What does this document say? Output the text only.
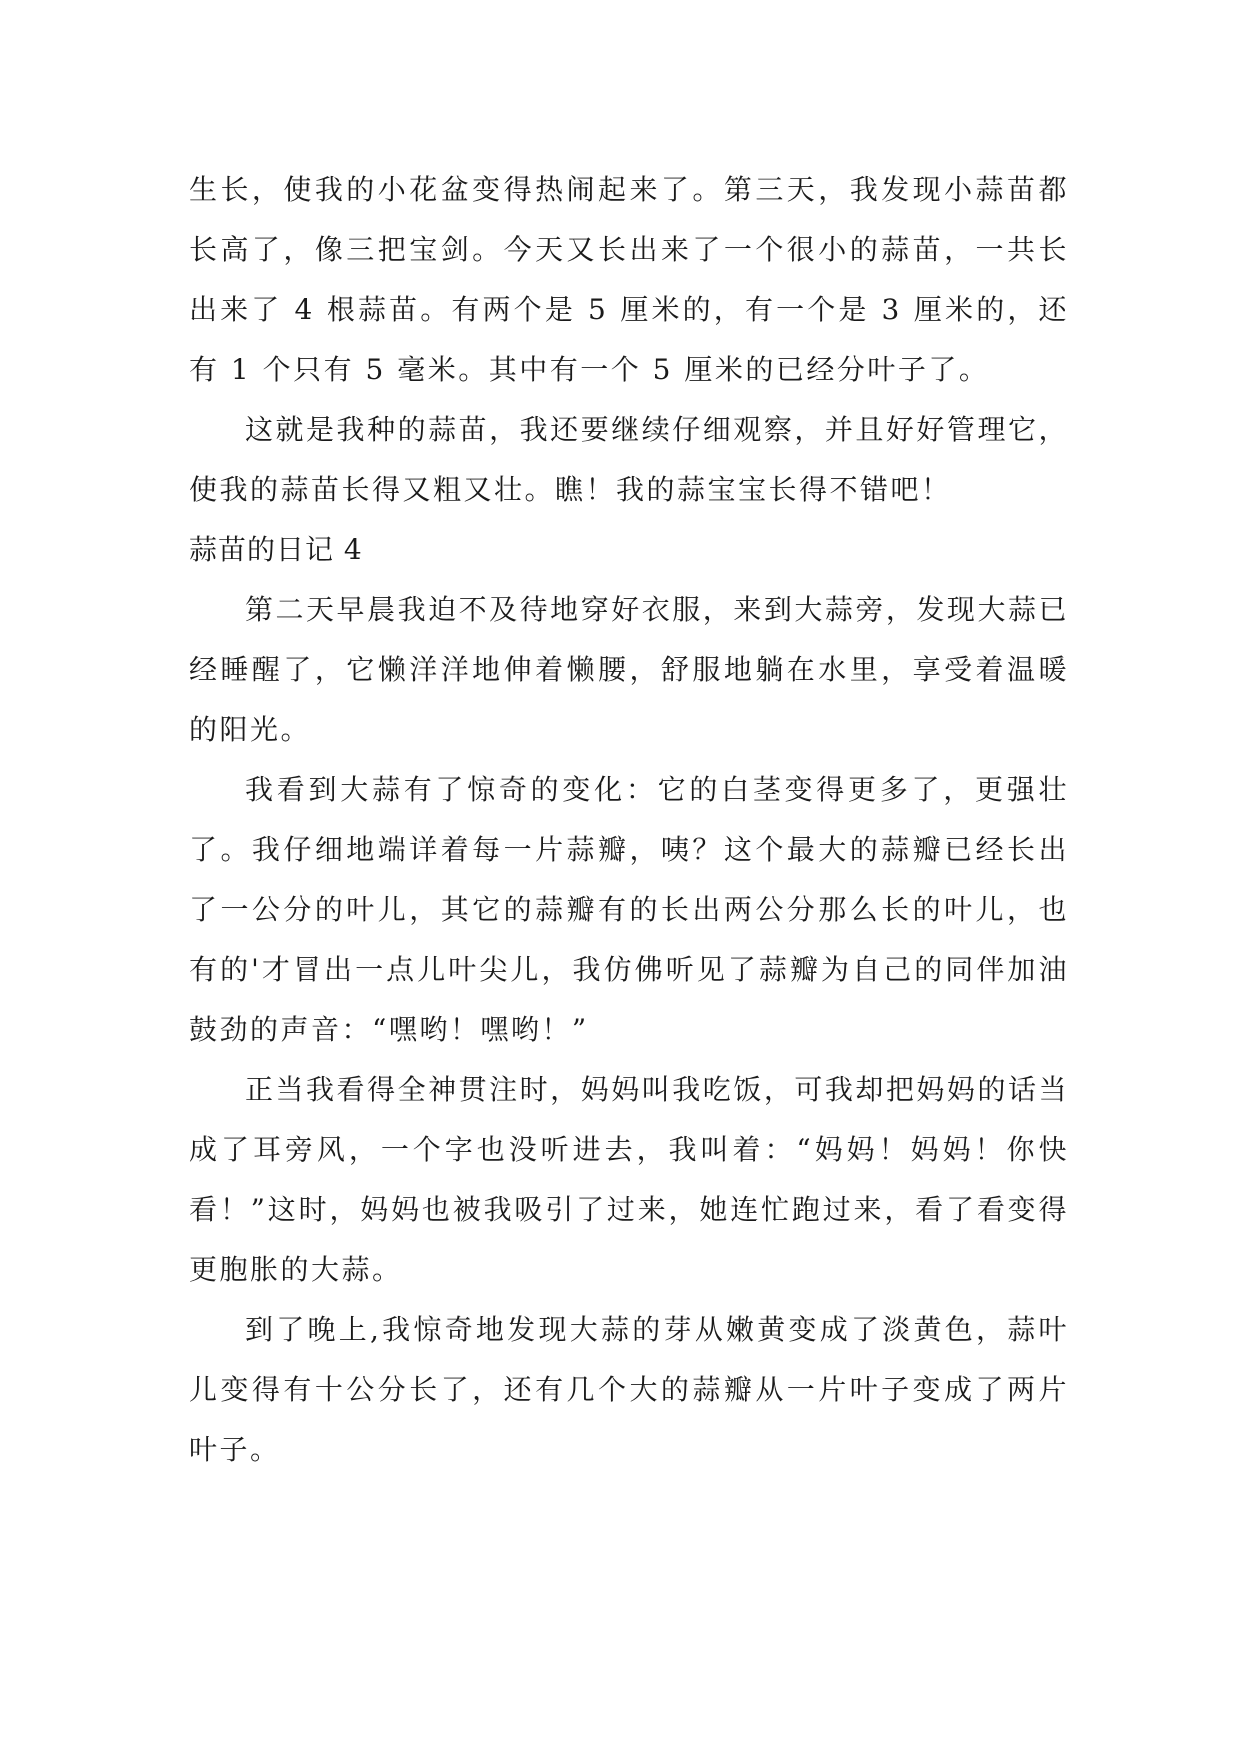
生长，使我的小花盆变得热闹起来了。第三天，我发现小蒜苗都长高了，像三把宝剑。今天又长出来了一个很小的蒜苗，一共长出来了 4 根蒜苗。有两个是 5 厘米的，有一个是 3 厘米的，还有 1 个只有 5 毫米。其中有一个 5 厘米的已经分叶子了。

这就是我种的蒜苗，我还要继续仔细观察，并且好好管理它，使我的蒜苗长得又粗又壮。瞧！我的蒜宝宝长得不错吧！

蒜苗的日记 4

第二天早晨我迫不及待地穿好衣服，来到大蒜旁，发现大蒜已经睡醒了，它懒洋洋地伸着懒腰，舒服地躺在水里，享受着温暖的阳光。

我看到大蒜有了惊奇的变化：它的白茎变得更多了，更强壮了。我仔细地端详着每一片蒜瓣，咦？这个最大的蒜瓣已经长出了一公分的叶儿，其它的蒜瓣有的长出两公分那么长的叶儿，也有的'才冒出一点儿叶尖儿，我仿佛听见了蒜瓣为自己的同伴加油鼓劲的声音：“嘿哟！嘿哟！”

正当我看得全神贯注时，妈妈叫我吃饭，可我却把妈妈的话当成了耳旁风，一个字也没听进去，我叫着：“妈妈！妈妈！你快看！”这时，妈妈也被我吸引了过来，她连忙跑过来，看了看变得更胞胀的大蒜。

到了晚上,我惊奇地发现大蒜的芽从嫩黄变成了淡黄色，蒜叶儿变得有十公分长了，还有几个大的蒜瓣从一片叶子变成了两片叶子。
